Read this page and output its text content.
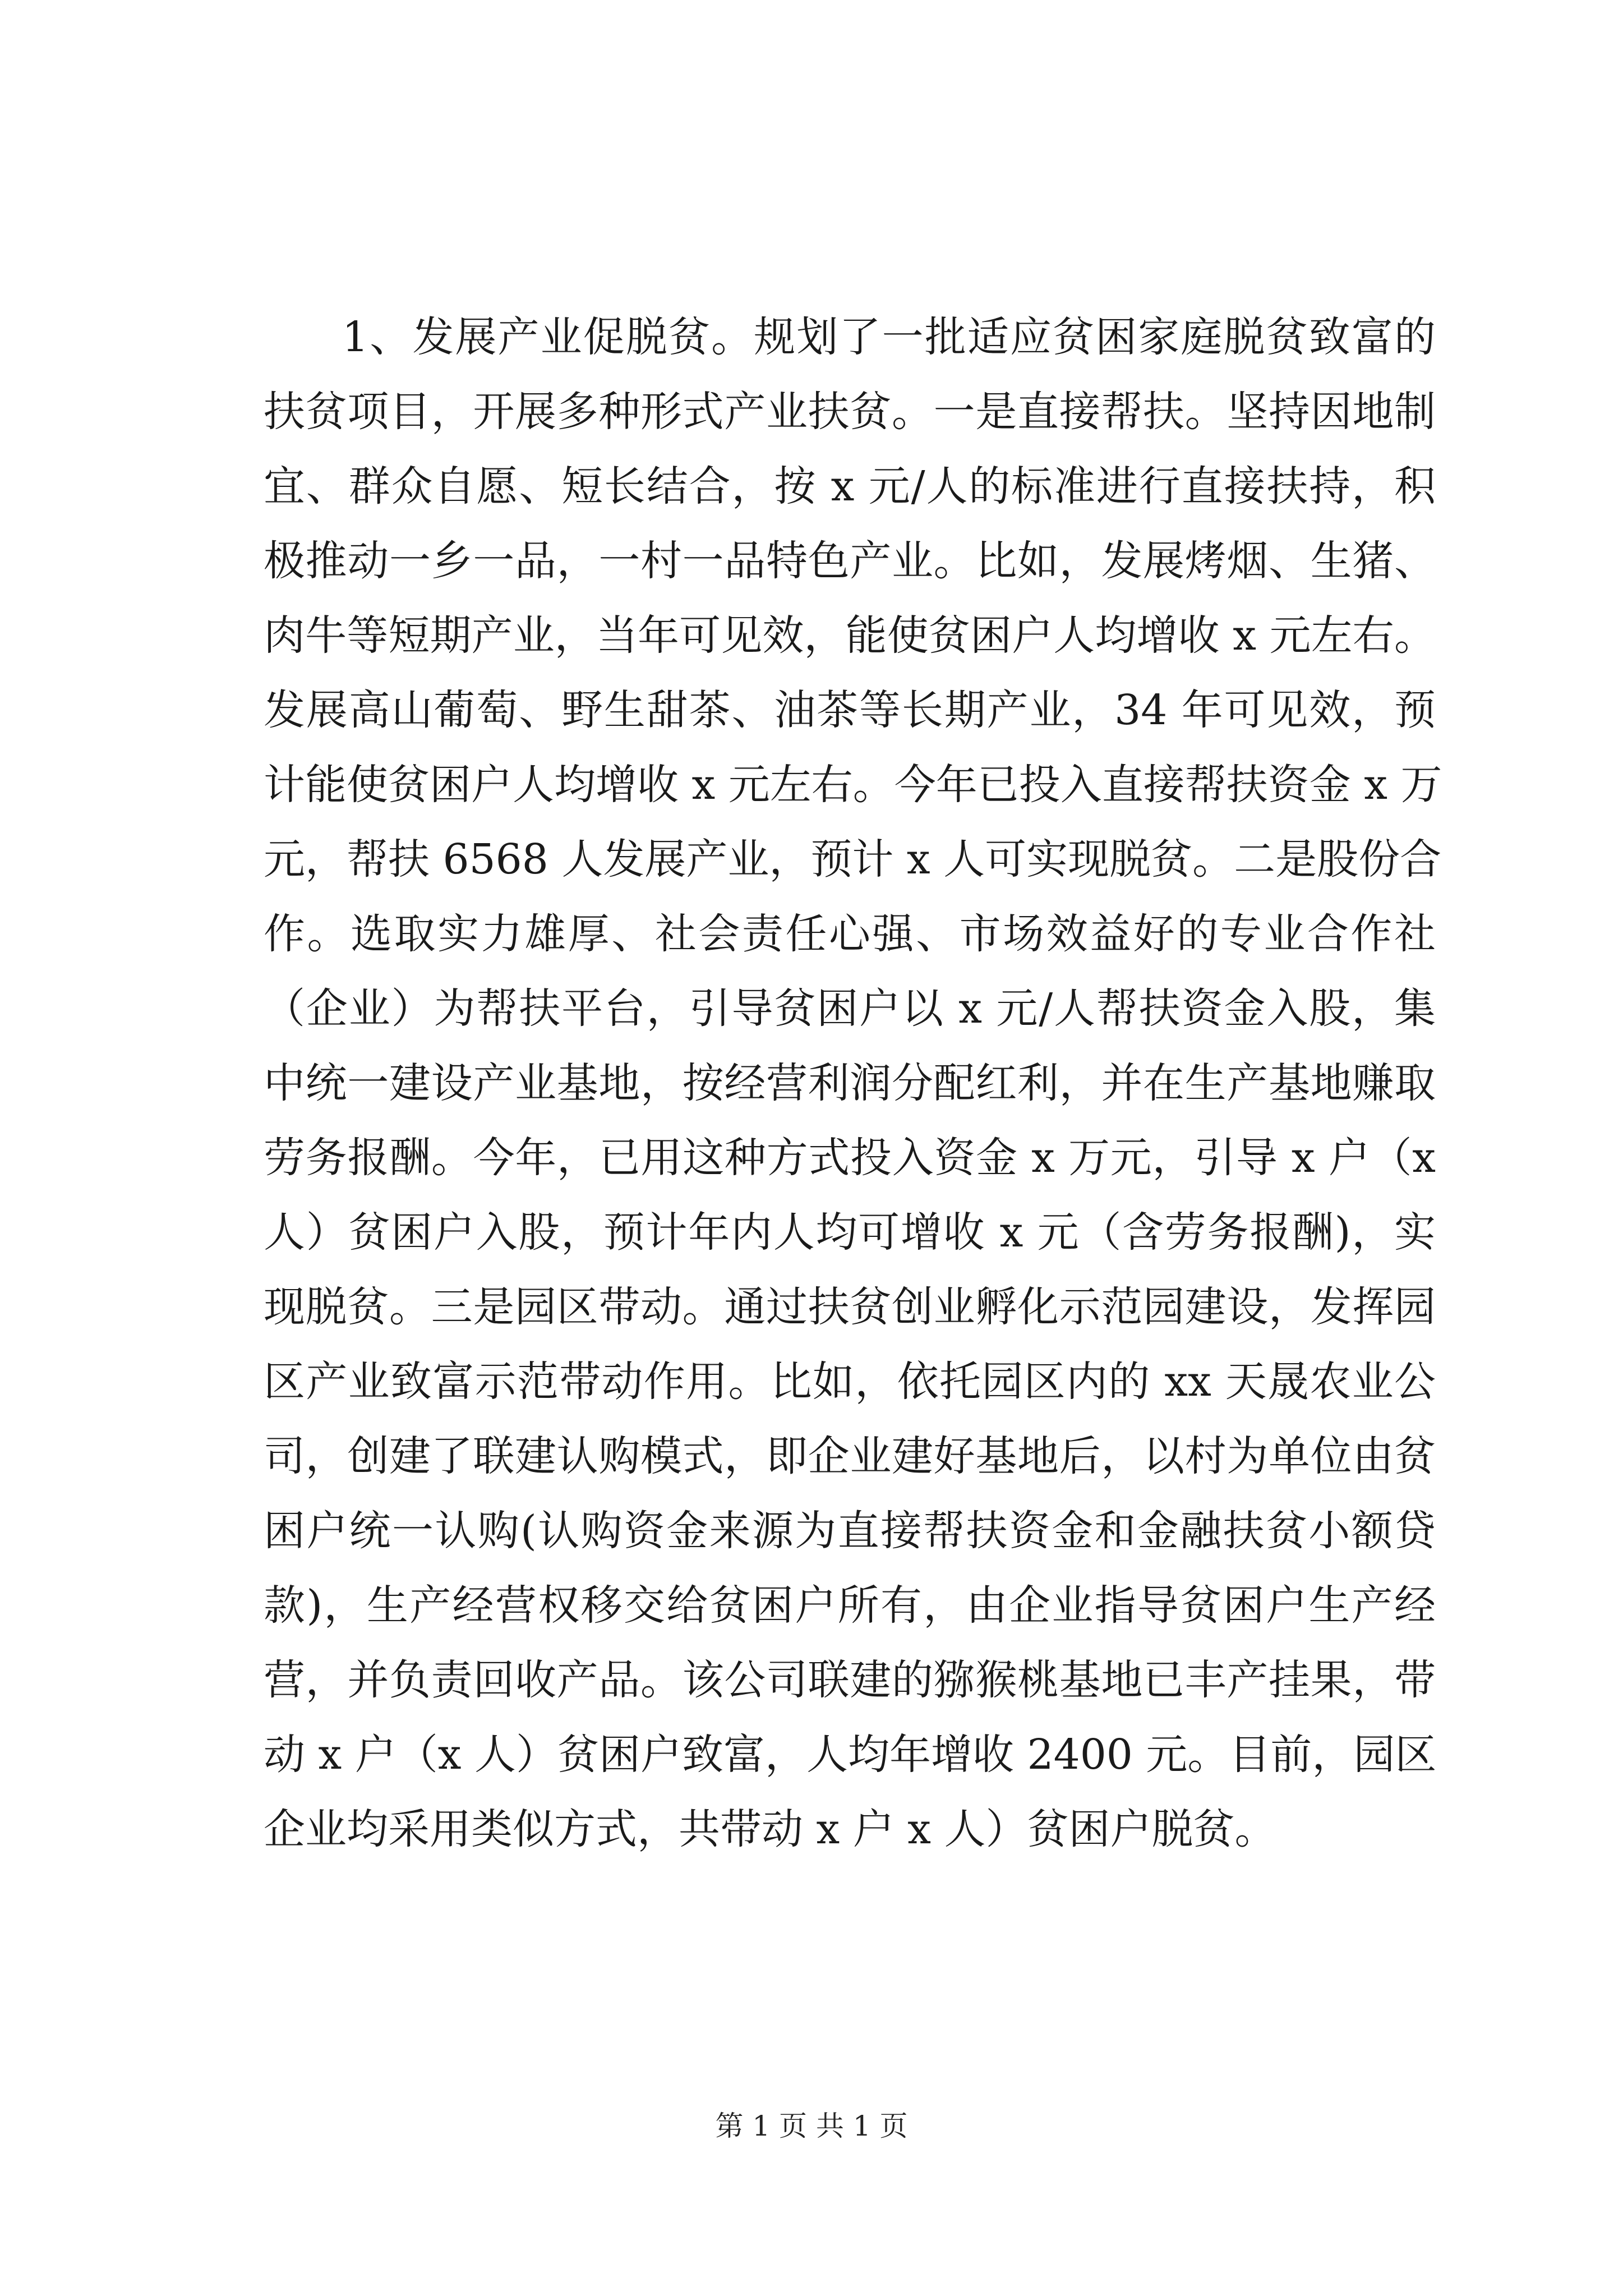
1、发展产业促脱贫。规划了一批适应贫困家庭脱贫致富的
扶贫项目，开展多种形式产业扶贫。一是直接帮扶。坚持因地制
宜、群众自愿、短长结合，按 x 元/人的标准进行直接扶持，积
极推动一乡一品，一村一品特色产业。比如，发展烤烟、生猪、
肉牛等短期产业，当年可见效，能使贫困户人均增收 x 元左右。
发展高山葡萄、野生甜茶、油茶等长期产业，34 年可见效，预
计能使贫困户人均增收 x 元左右。今年已投入直接帮扶资金 x 万
元，帮扶 6568 人发展产业，预计 x 人可实现脱贫。二是股份合
作。选取实力雄厚、社会责任心强、市场效益好的专业合作社
（企业）为帮扶平台，引导贫困户以 x 元/人帮扶资金入股，集
中统一建设产业基地，按经营利润分配红利，并在生产基地赚取
劳务报酬。今年，已用这种方式投入资金 x 万元，引导 x 户（x
人）贫困户入股，预计年内人均可增收 x 元（含劳务报酬)，实
现脱贫。三是园区带动。通过扶贫创业孵化示范园建设，发挥园
区产业致富示范带动作用。比如，依托园区内的 xx 天晟农业公
司，创建了联建认购模式，即企业建好基地后，以村为单位由贫
困户统一认购(认购资金来源为直接帮扶资金和金融扶贫小额贷
款)，生产经营权移交给贫困户所有，由企业指导贫困户生产经
营，并负责回收产品。该公司联建的猕猴桃基地已丰产挂果，带
动 x 户（x 人）贫困户致富，人均年增收 2400 元。目前，园区
企业均采用类似方式，共带动 x 户 x 人）贫困户脱贫。
第 1 页 共 1 页
